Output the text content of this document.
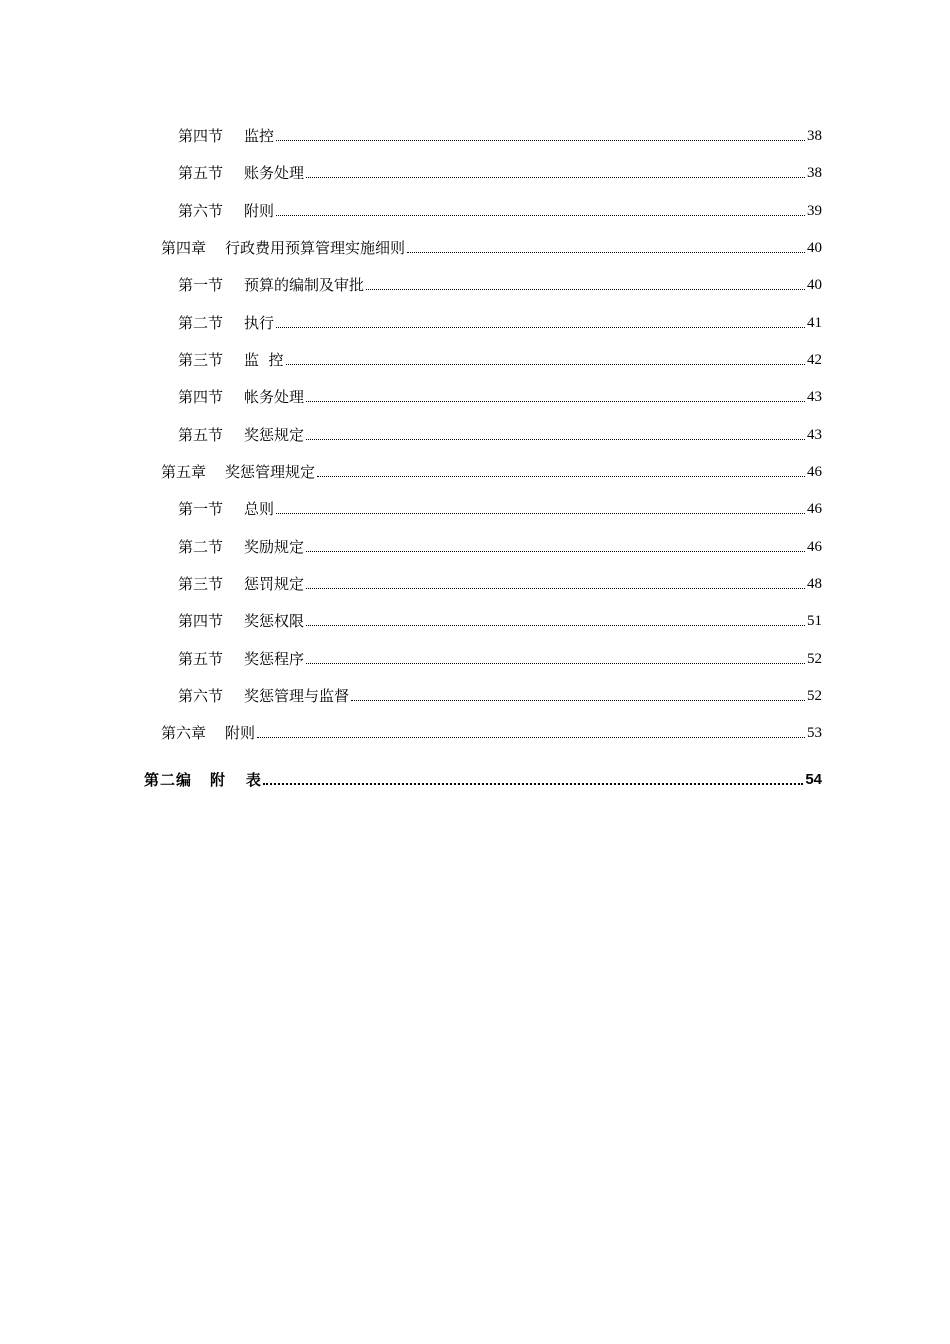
第四节	监控	38
第五节	账务处理	38
第六节	附则	39
第四章	行政费用预算管理实施细则	40
第一节	预算的编制及审批	40
第二节	执行	41
第三节	监  控	42
第四节	帐务处理	43
第五节	奖惩规定	43
第五章	奖惩管理规定	46
第一节	总则	46
第二节	奖励规定	46
第三节	惩罚规定	48
第四节	奖惩权限	51
第五节	奖惩程序	52
第六节	奖惩管理与监督	52
第六章	附则	53
第二编	附    表	54
